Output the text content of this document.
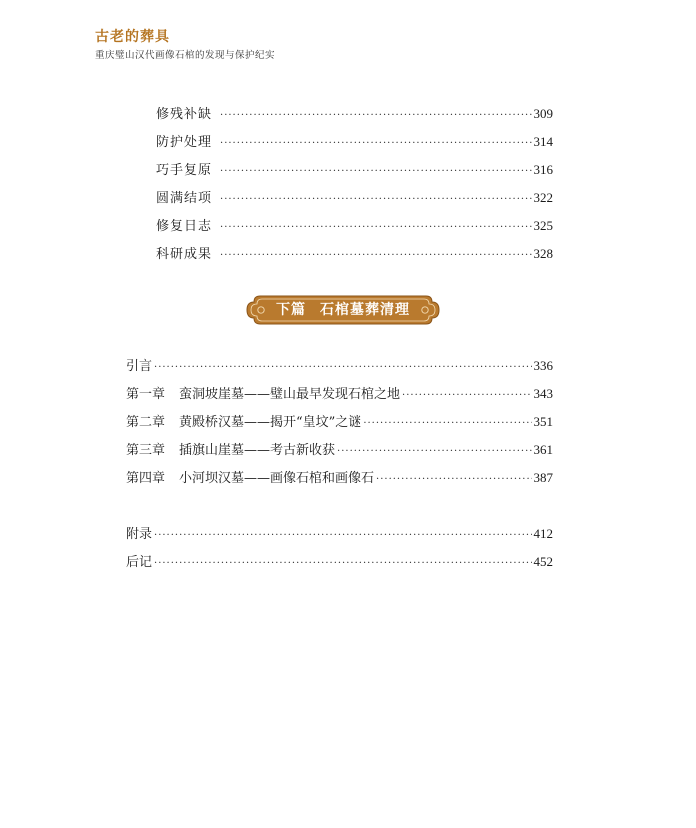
古老的葬具
重庆璧山汉代画像石棺的发现与保护纪实
修残补缺 ·····	309
防护处理 ·····	314
巧手复原 ·····	316
圆满结项 ·····	322
修复日志 ·····	325
科研成果 ·····	328
下篇 石棺墓葬清理
引言 ·····	336
第一章 蛮洞坡崖墓——璧山最早发现石棺之地 ·····	343
第二章 黄殿桥汉墓——揭开“皇坟”之谜 ·····	351
第三章 插旗山崖墓——考古新收获 ·····	361
第四章 小河坝汉墓——画像石棺和画像石 ·····	387
附录 ·····	412
后记 ·····	452
